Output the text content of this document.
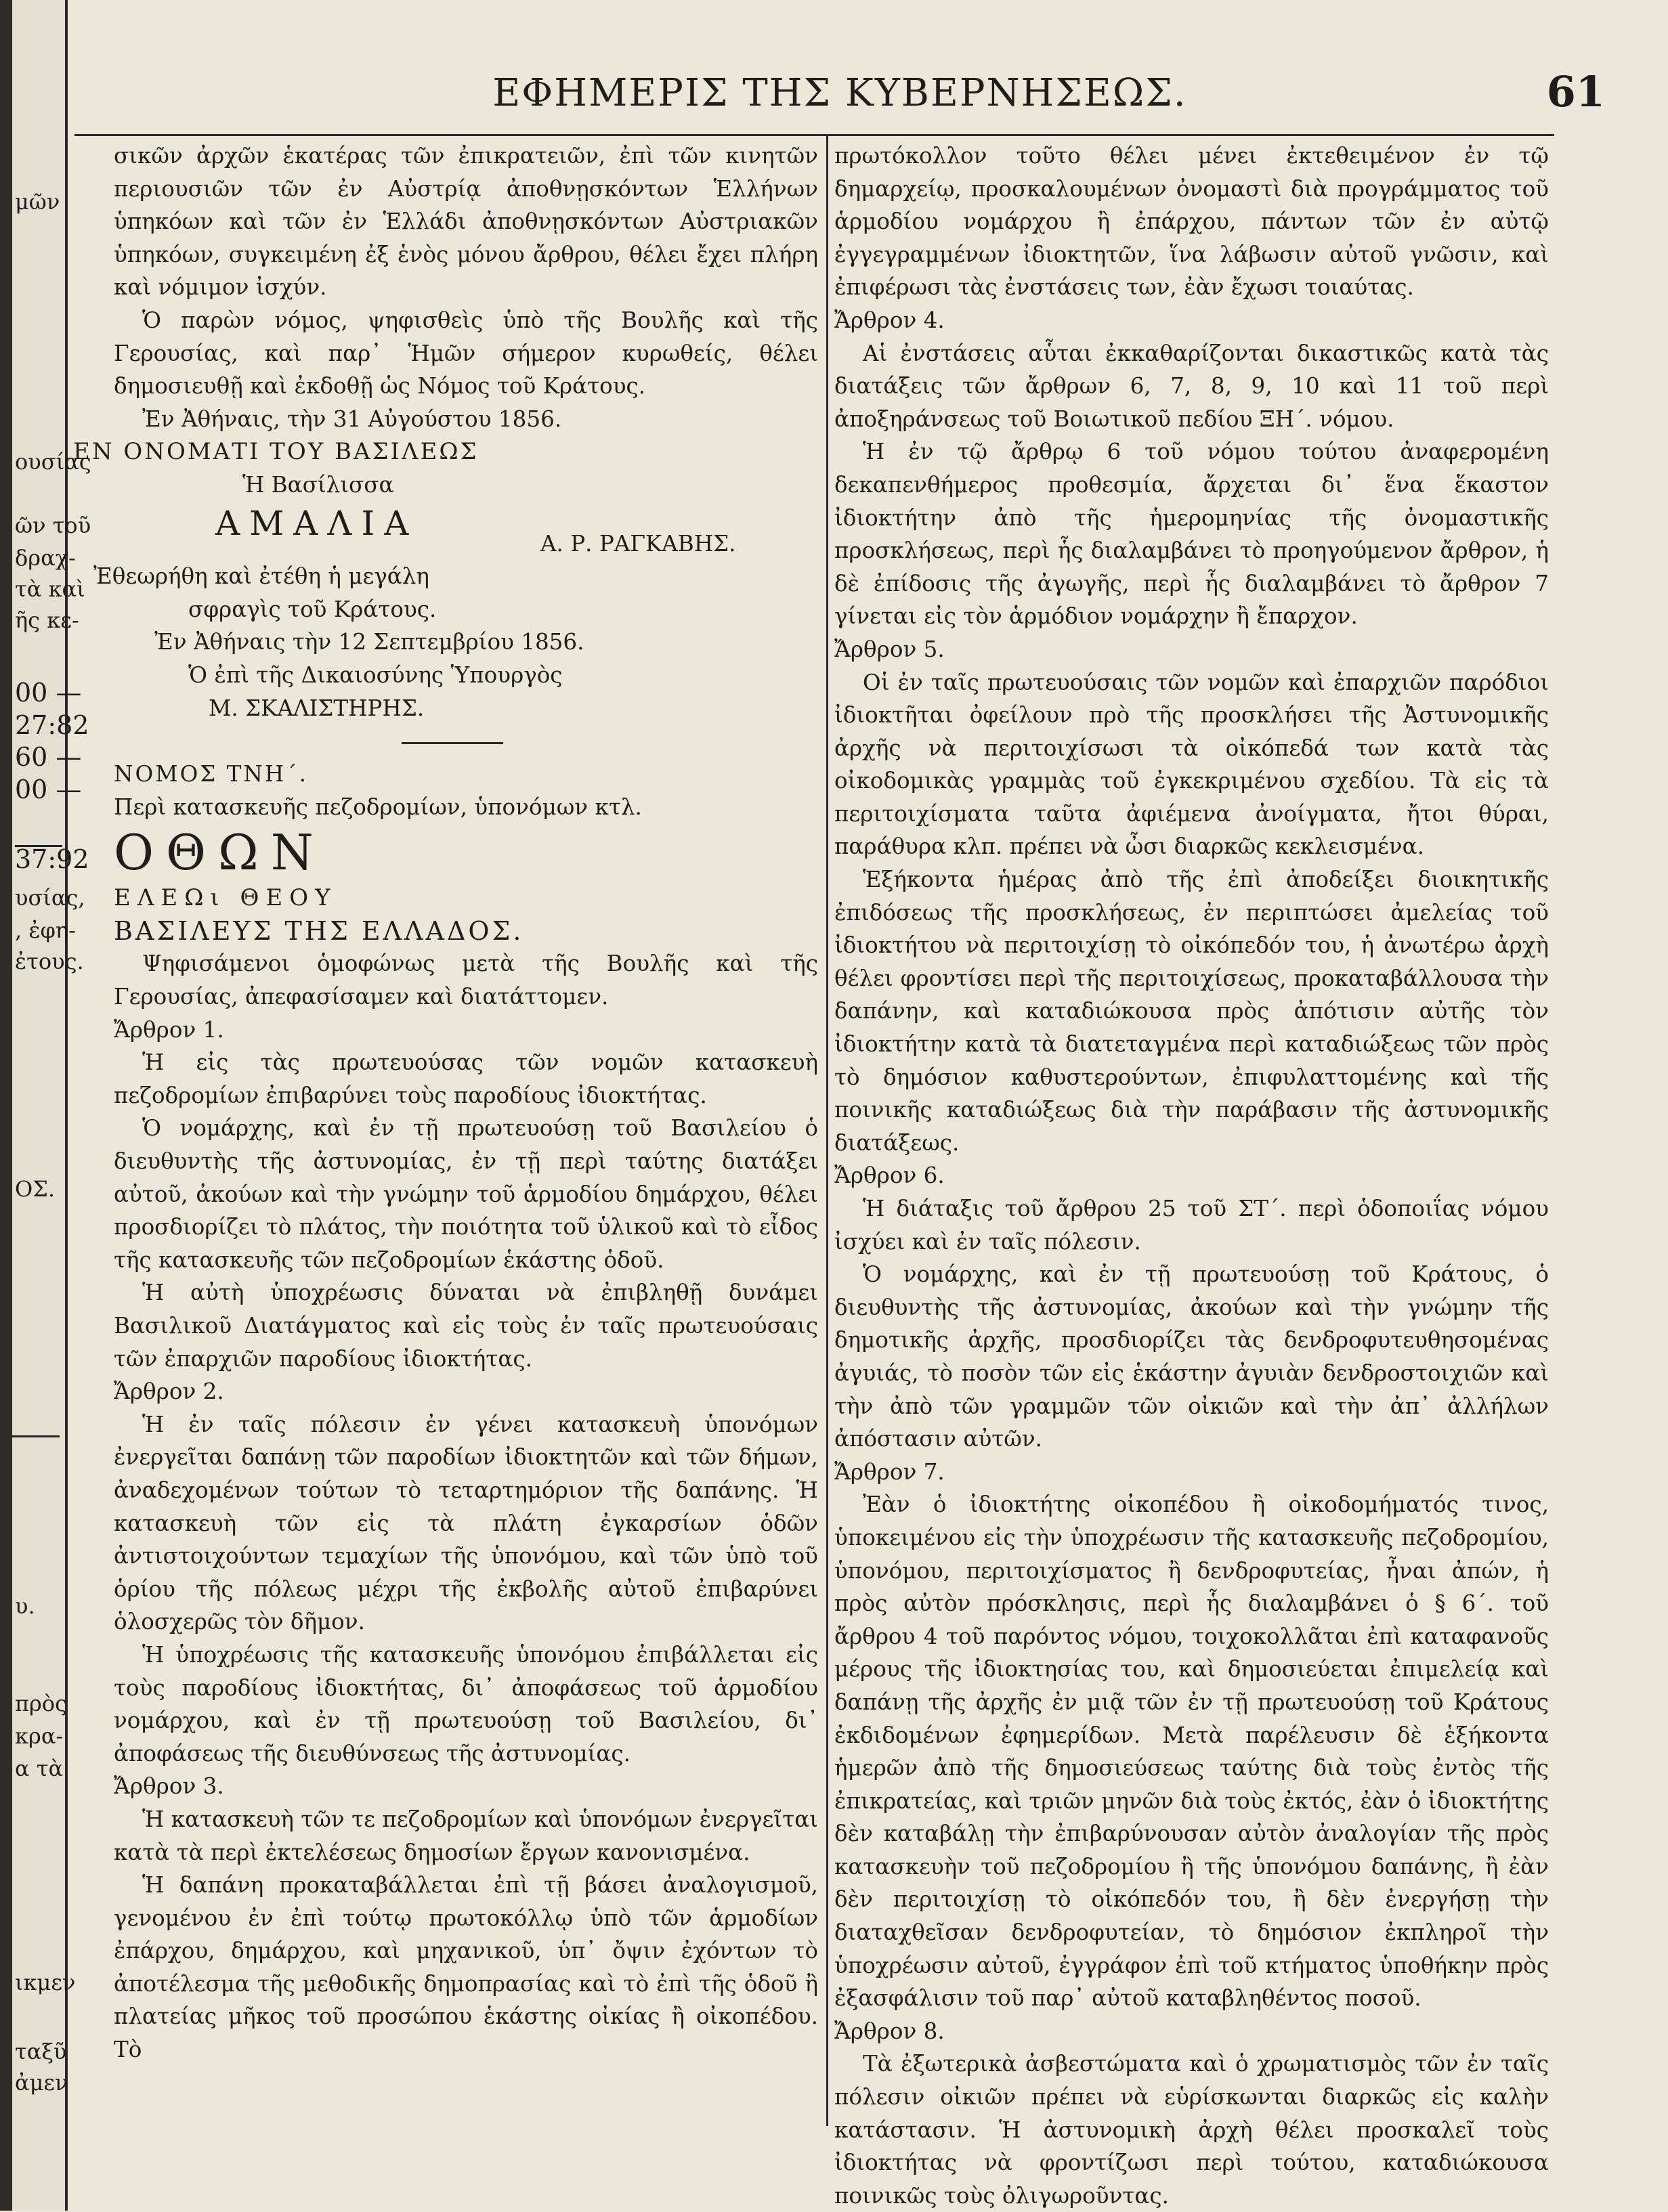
μῶν
ουσίας
ῶν τοῦ
δραχ-
τὰ καὶ
ῆς κε-
00 —
27:82
60 —
00 —
37:92
υσίας,
, ἐφη-
ἐτους.
ΟΣ.
υ.
πρὸς
κρα-
α τὰ
ικμεν
ταξῦ
ἀμεν
ΕΦΗΜΕΡΙΣ ΤΗΣ ΚΥΒΕΡΝΗΣΕΩΣ.	61

σικῶν ἀρχῶν ἑκατέρας τῶν ἐπικρατειῶν, ἐπὶ τῶν κινητῶν περιουσιῶν τῶν ἐν Αὐστρίᾳ ἀποθνῃσκόντων Ἑλλήνων ὑπηκόων καὶ τῶν ἐν Ἑλλάδι ἀποθνῃσκόντων Αὐστριακῶν ὑπηκόων, συγκειμένη ἐξ ἑνὸς μόνου ἄρθρου, θέλει ἔχει πλήρη καὶ νόμιμον ἰσχύν.

Ὁ παρὼν νόμος, ψηφισθεὶς ὑπὸ τῆς Βουλῆς καὶ τῆς Γερουσίας, καὶ παρ᾽ Ἡμῶν σήμερον κυρωθείς, θέλει δημοσιευθῇ καὶ ἐκδοθῇ ὡς Νόμος τοῦ Κράτους.

Ἐν Ἀθήναις, τὴν 31 Αὐγούστου 1856.

ΕΝ ΟΝΟΜΑΤΙ ΤΟΥ ΒΑΣΙΛΕΩΣ

Ἡ Βασίλισσα

ΑΜΑΛΙΑ

Α. Ρ. ΡΑΓΚΑΒΗΣ.

Ἐθεωρήθη καὶ ἐτέθη ἡ μεγάλη

σφραγὶς τοῦ Κράτους.

Ἐν Ἀθήναις τὴν 12 Σεπτεμβρίου 1856.

Ὁ ἐπὶ τῆς Δικαιοσύνης Ὑπουργὸς

Μ. ΣΚΑΛΙΣΤΗΡΗΣ.

ΝΟΜΟΣ ΤΝΗ΄.

Περὶ κατασκευῆς πεζοδρομίων, ὑπονόμων κτλ.

ΟΘΩΝ

ΕΛΕΩι ΘΕΟΥ

ΒΑΣΙΛΕΥΣ ΤΗΣ ΕΛΛΑΔΟΣ.

Ψηφισάμενοι ὁμοφώνως μετὰ τῆς Βουλῆς καὶ τῆς Γερουσίας, ἀπεφασίσαμεν καὶ διατάττομεν.

Ἄρθρον 1.

Ἡ εἰς τὰς πρωτευούσας τῶν νομῶν κατασκευὴ πεζοδρομίων ἐπιβαρύνει τοὺς παροδίους ἰδιοκτήτας.

Ὁ νομάρχης, καὶ ἐν τῇ πρωτευούσῃ τοῦ Βασιλείου ὁ διευθυντὴς τῆς ἀστυνομίας, ἐν τῇ περὶ ταύτης διατάξει αὐτοῦ, ἀκούων καὶ τὴν γνώμην τοῦ ἁρμοδίου δημάρχου, θέλει προσδιορίζει τὸ πλάτος, τὴν ποιότητα τοῦ ὑλικοῦ καὶ τὸ εἶδος τῆς κατασκευῆς τῶν πεζοδρομίων ἑκάστης ὁδοῦ.

Ἡ αὐτὴ ὑποχρέωσις δύναται νὰ ἐπιβληθῇ δυνάμει Βασιλικοῦ Διατάγματος καὶ εἰς τοὺς ἐν ταῖς πρωτευούσαις τῶν ἐπαρχιῶν παροδίους ἰδιοκτήτας.

Ἄρθρον 2.

Ἡ ἐν ταῖς πόλεσιν ἐν γένει κατασκευὴ ὑπονόμων ἐνεργεῖται δαπάνῃ τῶν παροδίων ἰδιοκτητῶν καὶ τῶν δήμων, ἀναδεχομένων τούτων τὸ τεταρτημόριον τῆς δαπάνης. Ἡ κατασκευὴ τῶν εἰς τὰ πλάτη ἐγκαρσίων ὁδῶν ἀντιστοιχούντων τεμαχίων τῆς ὑπονόμου, καὶ τῶν ὑπὸ τοῦ ὁρίου τῆς πόλεως μέχρι τῆς ἐκβολῆς αὐτοῦ ἐπιβαρύνει ὁλοσχερῶς τὸν δῆμον.

Ἡ ὑποχρέωσις τῆς κατασκευῆς ὑπονόμου ἐπιβάλλεται εἰς τοὺς παροδίους ἰδιοκτήτας, δι᾽ ἀποφάσεως τοῦ ἁρμοδίου νομάρχου, καὶ ἐν τῇ πρωτευούσῃ τοῦ Βασιλείου, δι᾽ ἀποφάσεως τῆς διευθύνσεως τῆς ἀστυνομίας.

Ἄρθρον 3.

Ἡ κατασκευὴ τῶν τε πεζοδρομίων καὶ ὑπονόμων ἐνεργεῖται κατὰ τὰ περὶ ἐκτελέσεως δημοσίων ἔργων κανονισμένα.

Ἡ δαπάνη προκαταβάλλεται ἐπὶ τῇ βάσει ἀναλογισμοῦ, γενομένου ἐν ἐπὶ τούτῳ πρωτοκόλλῳ ὑπὸ τῶν ἁρμοδίων ἐπάρχου, δημάρχου, καὶ μηχανικοῦ, ὑπ᾽ ὄψιν ἐχόντων τὸ ἀποτέλεσμα τῆς μεθοδικῆς δημοπρασίας καὶ τὸ ἐπὶ τῆς ὁδοῦ ἢ πλατείας μῆκος τοῦ προσώπου ἑκάστης οἰκίας ἢ οἰκοπέδου. Τὸ

πρωτόκολλον τοῦτο θέλει μένει ἐκτεθειμένον ἐν τῷ δημαρχείῳ, προσκαλουμένων ὀνομαστὶ διὰ προγράμματος τοῦ ἁρμοδίου νομάρχου ἢ ἐπάρχου, πάντων τῶν ἐν αὐτῷ ἐγγεγραμμένων ἰδιοκτητῶν, ἵνα λάβωσιν αὐτοῦ γνῶσιν, καὶ ἐπιφέρωσι τὰς ἐνστάσεις των, ἐὰν ἔχωσι τοιαύτας.

Ἄρθρον 4.

Αἱ ἐνστάσεις αὗται ἐκκαθαρίζονται δικαστικῶς κατὰ τὰς διατάξεις τῶν ἄρθρων 6, 7, 8, 9, 10 καὶ 11 τοῦ περὶ ἀποξηράνσεως τοῦ Βοιωτικοῦ πεδίου ΞΗ΄. νόμου.

Ἡ ἐν τῷ ἄρθρῳ 6 τοῦ νόμου τούτου ἀναφερομένη δεκαπενθήμερος προθεσμία, ἄρχεται δι᾽ ἕνα ἕκαστον ἰδιοκτήτην ἀπὸ τῆς ἡμερομηνίας τῆς ὀνομαστικῆς προσκλήσεως, περὶ ἧς διαλαμβάνει τὸ προηγούμενον ἄρθρον, ἡ δὲ ἐπίδοσις τῆς ἀγωγῆς, περὶ ἧς διαλαμβάνει τὸ ἄρθρον 7 γίνεται εἰς τὸν ἁρμόδιον νομάρχην ἢ ἔπαρχον.

Ἄρθρον 5.

Οἱ ἐν ταῖς πρωτευούσαις τῶν νομῶν καὶ ἐπαρχιῶν παρόδιοι ἰδιοκτῆται ὀφείλουν πρὸ τῆς προσκλήσει τῆς Ἀστυνομικῆς ἀρχῆς νὰ περιτοιχίσωσι τὰ οἰκόπεδά των κατὰ τὰς οἰκοδομικὰς γραμμὰς τοῦ ἐγκεκριμένου σχεδίου. Τὰ εἰς τὰ περιτοιχίσματα ταῦτα ἀφιέμενα ἀνοίγματα, ἤτοι θύραι, παράθυρα κλπ. πρέπει νὰ ὦσι διαρκῶς κεκλεισμένα.

Ἑξήκοντα ἡμέρας ἀπὸ τῆς ἐπὶ ἀποδείξει διοικητικῆς ἐπιδόσεως τῆς προσκλήσεως, ἐν περιπτώσει ἀμελείας τοῦ ἰδιοκτήτου νὰ περιτοιχίσῃ τὸ οἰκόπεδόν του, ἡ ἀνωτέρω ἀρχὴ θέλει φροντίσει περὶ τῆς περιτοιχίσεως, προκαταβάλλουσα τὴν δαπάνην, καὶ καταδιώκουσα πρὸς ἀπότισιν αὐτῆς τὸν ἰδιοκτήτην κατὰ τὰ διατεταγμένα περὶ καταδιώξεως τῶν πρὸς τὸ δημόσιον καθυστερούντων, ἐπιφυλαττομένης καὶ τῆς ποινικῆς καταδιώξεως διὰ τὴν παράβασιν τῆς ἀστυνομικῆς διατάξεως.

Ἄρθρον 6.

Ἡ διάταξις τοῦ ἄρθρου 25 τοῦ ΣΤ΄. περὶ ὁδοποιΐας νόμου ἰσχύει καὶ ἐν ταῖς πόλεσιν.

Ὁ νομάρχης, καὶ ἐν τῇ πρωτευούσῃ τοῦ Κράτους, ὁ διευθυντὴς τῆς ἀστυνομίας, ἀκούων καὶ τὴν γνώμην τῆς δημοτικῆς ἀρχῆς, προσδιορίζει τὰς δενδροφυτευθησομένας ἀγυιάς, τὸ ποσὸν τῶν εἰς ἑκάστην ἀγυιὰν δενδροστοιχιῶν καὶ τὴν ἀπὸ τῶν γραμμῶν τῶν οἰκιῶν καὶ τὴν ἀπ᾽ ἀλλήλων ἀπόστασιν αὐτῶν.

Ἄρθρον 7.

Ἐὰν ὁ ἰδιοκτήτης οἰκοπέδου ἢ οἰκοδομήματός τινος, ὑποκειμένου εἰς τὴν ὑποχρέωσιν τῆς κατασκευῆς πεζοδρομίου, ὑπονόμου, περιτοιχίσματος ἢ δενδροφυτείας, ἦναι ἀπών, ἡ πρὸς αὐτὸν πρόσκλησις, περὶ ἧς διαλαμβάνει ὁ § 6΄. τοῦ ἄρθρου 4 τοῦ παρόντος νόμου, τοιχοκολλᾶται ἐπὶ καταφανοῦς μέρους τῆς ἰδιοκτησίας του, καὶ δημοσιεύεται ἐπιμελείᾳ καὶ δαπάνῃ τῆς ἀρχῆς ἐν μιᾷ τῶν ἐν τῇ πρωτευούσῃ τοῦ Κράτους ἐκδιδομένων ἐφημερίδων. Μετὰ παρέλευσιν δὲ ἑξήκοντα ἡμερῶν ἀπὸ τῆς δημοσιεύσεως ταύτης διὰ τοὺς ἐντὸς τῆς ἐπικρατείας, καὶ τριῶν μηνῶν διὰ τοὺς ἐκτός, ἐὰν ὁ ἰδιοκτήτης δὲν καταβάλῃ τὴν ἐπιβαρύνουσαν αὐτὸν ἀναλογίαν τῆς πρὸς κατασκευὴν τοῦ πεζοδρομίου ἢ τῆς ὑπονόμου δαπάνης, ἢ ἐὰν δὲν περιτοιχίσῃ τὸ οἰκόπεδόν του, ἢ δὲν ἐνεργήσῃ τὴν διαταχθεῖσαν δενδροφυτείαν, τὸ δημόσιον ἐκπληροῖ τὴν ὑποχρέωσιν αὐτοῦ, ἐγγράφον ἐπὶ τοῦ κτήματος ὑποθήκην πρὸς ἐξασφάλισιν τοῦ παρ᾽ αὐτοῦ καταβληθέντος ποσοῦ.

Ἄρθρον 8.

Τὰ ἐξωτερικὰ ἀσβεστώματα καὶ ὁ χρωματισμὸς τῶν ἐν ταῖς πόλεσιν οἰκιῶν πρέπει νὰ εὑρίσκωνται διαρκῶς εἰς καλὴν κατάστασιν. Ἡ ἀστυνομικὴ ἀρχὴ θέλει προσκαλεῖ τοὺς ἰδιοκτήτας νὰ φροντίζωσι περὶ τούτου, καταδιώκουσα ποινικῶς τοὺς ὀλιγωροῦντας.
